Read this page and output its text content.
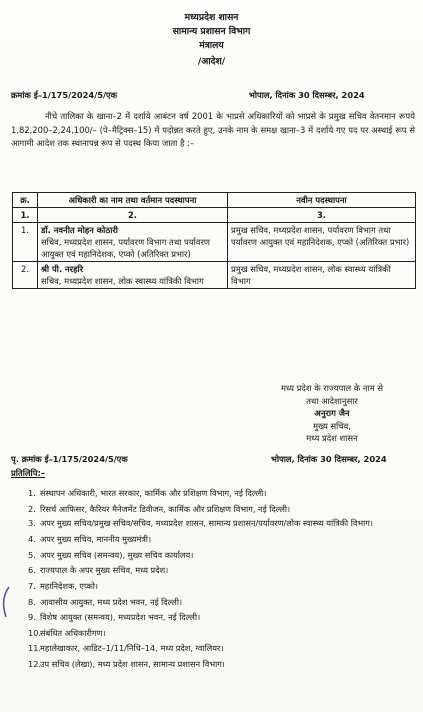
मध्यप्रदेश शासन
सामान्य प्रशासन विभाग
मंत्रालय
/आदेश/
क्रमांक ई–1/175/2024/5/एक	भोपाल, दिनांक 30 दिसम्बर, 2024
नीचे तालिका के खाना–2 में दर्शाये आबंटन वर्ष 2001 के भाप्रसे अधिकारियों को भाप्रसे के प्रमुख सचिव वेतनमान रूपये 1,82,200–2,24,100/– (पे–मैट्रिक्स–15) में पदोन्नत करते हुए, उनके नाम के समक्ष खाना–3 में दर्शाये गए पद पर अस्थाई रूप से आगामी आदेश तक स्थानापन्न रूप से पदस्थ किया जाता है :–
क्र.	अधिकारी का नाम तथा वर्तमान पदस्थापना	नवीन पदस्थापना
1.	2.	3.
1.	डॉ. नवनीत मोहन कोठारी
सचिव, मध्यप्रदेश शासन, पर्यावरण विभाग तथा पर्यावरण आयुक्त एवं महानिदेशक, एप्को (अतिरिक्त प्रभार)	प्रमुख सचिव, मध्यप्रदेश शासन, पर्यावरण विभाग तथा पर्यावरण आयुक्त एवं महानिदेशक, एप्को (अतिरिक्त प्रभार)
2.	श्री पी. नरहरि
सचिव, मध्यप्रदेश शासन, लोक स्वास्थ्य यांत्रिकी विभाग	प्रमुख सचिव, मध्यप्रदेश शासन, लोक स्वास्थ्य यांत्रिकी विभाग
मध्य प्रदेश के राज्यपाल के नाम से
तथा आदेशानुसार
अनुराग जैन
मुख्य सचिव,
मध्य प्रदेश शासन
पृ. क्रमांक ई–1/175/2024/5/एक	भोपाल, दिनांक 30 दिसम्बर, 2024
प्रतिलिपि:–
1. संस्थापन अधिकारी, भारत सरकार, कार्मिक और प्रशिक्षण विभाग, नई दिल्ली।
2. रिसर्च आफिसर, कैरियर मैनेजमेंट डिवीजन, कार्मिक और प्रशिक्षण विभाग, नई दिल्ली।
3. अपर मुख्य सचिव/प्रमुख सचिव/सचिव, मध्यप्रदेश शासन, सामान्य प्रशासन/पर्यावरण/लोक स्वास्थ्य यांत्रिकी विभाग।
4. अपर मुख्य सचिव, माननीय मुख्यमंत्री।
5. अपर मुख्य सचिव (समन्वय), मुख्य सचिव कार्यालय।
6. राज्यपाल के अपर मुख्य सचिव, मध्य प्रदेश।
7. महानिदेशक, एप्को।
8. आवासीय आयुक्त, मध्य प्रदेश भवन, नई दिल्ली।
9. विशेष आयुक्त (समन्वय), मध्यप्रदेश भवन, नई दिल्ली।
10.
संबंधित अधिकारीगण।
11.
महालेखाकार, आडिट–1/11/निधि–14, मध्य प्रदेश, ग्वालियर।
12.
उप सचिव (लेखा), मध्य प्रदेश शासन, सामान्य प्रशासन विभाग।
